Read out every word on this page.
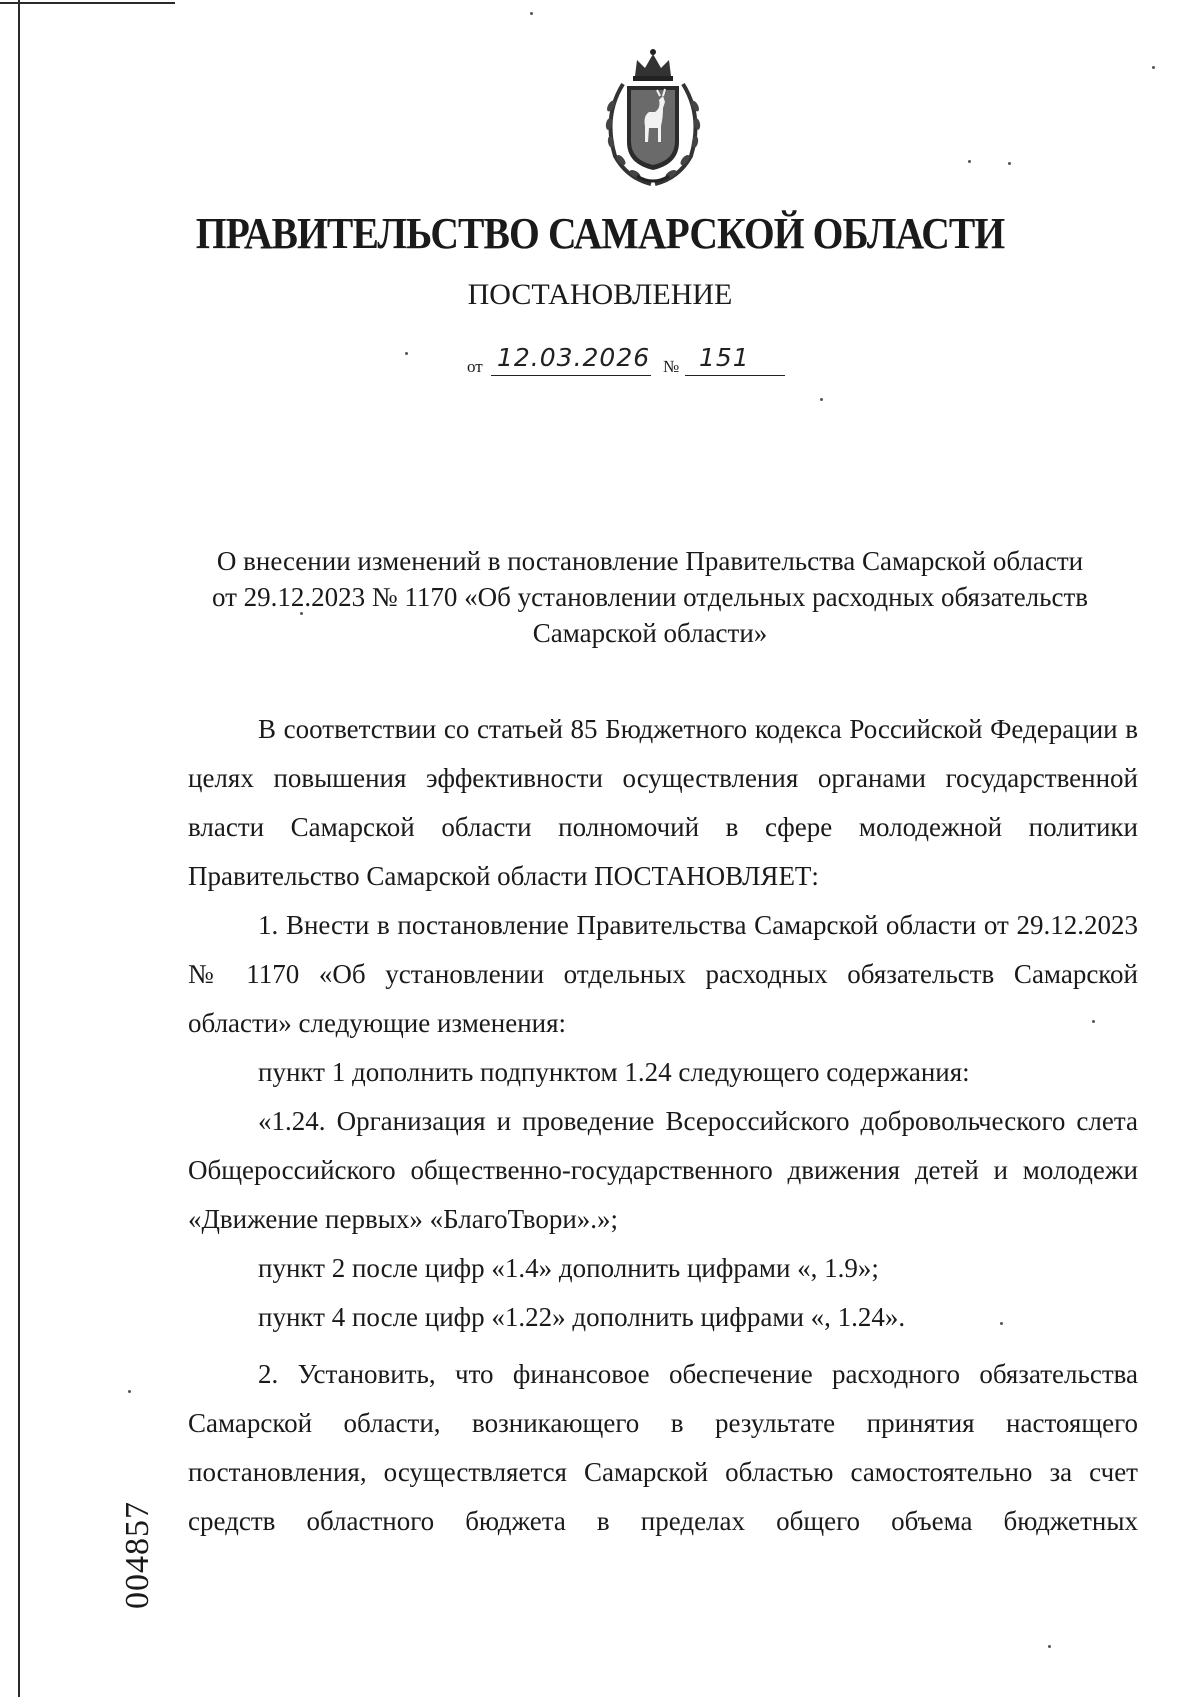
ПРАВИТЕЛЬСТВО САМАРСКОЙ ОБЛАСТИ
ПОСТАНОВЛЕНИЕ
от 12.03.2026 № 151
О внесении изменений в постановление Правительства Самарской области
от 29.12.2023 № 1170 «Об установлении отдельных расходных обязательств
Самарской области»

В соответствии со статьей 85 Бюджетного кодекса Российской Федерации в целях повышения эффективности осуществления органами государственной власти Самарской области полномочий в сфере молодежной политики Правительство Самарской области ПОСТАНОВЛЯЕТ:

1. Внести в постановление Правительства Самарской области от 29.12.2023 № 1170 «Об установлении отдельных расходных обязательств Самарской области» следующие изменения:

пункт 1 дополнить подпунктом 1.24 следующего содержания:

«1.24. Организация и проведение Всероссийского добровольческого слета Общероссийского общественно-государственного движения детей и молодежи «Движение первых» «БлагоТвори».»;

пункт 2 после цифр «1.4» дополнить цифрами «, 1.9»;

пункт 4 после цифр «1.22» дополнить цифрами «, 1.24».

2. Установить, что финансовое обеспечение расходного обязательства Самарской области, возникающего в результате принятия настоящего постановления, осуществляется Самарской областью самостоятельно за счет средств областного бюджета в пределах общего объема бюджетных

004857
